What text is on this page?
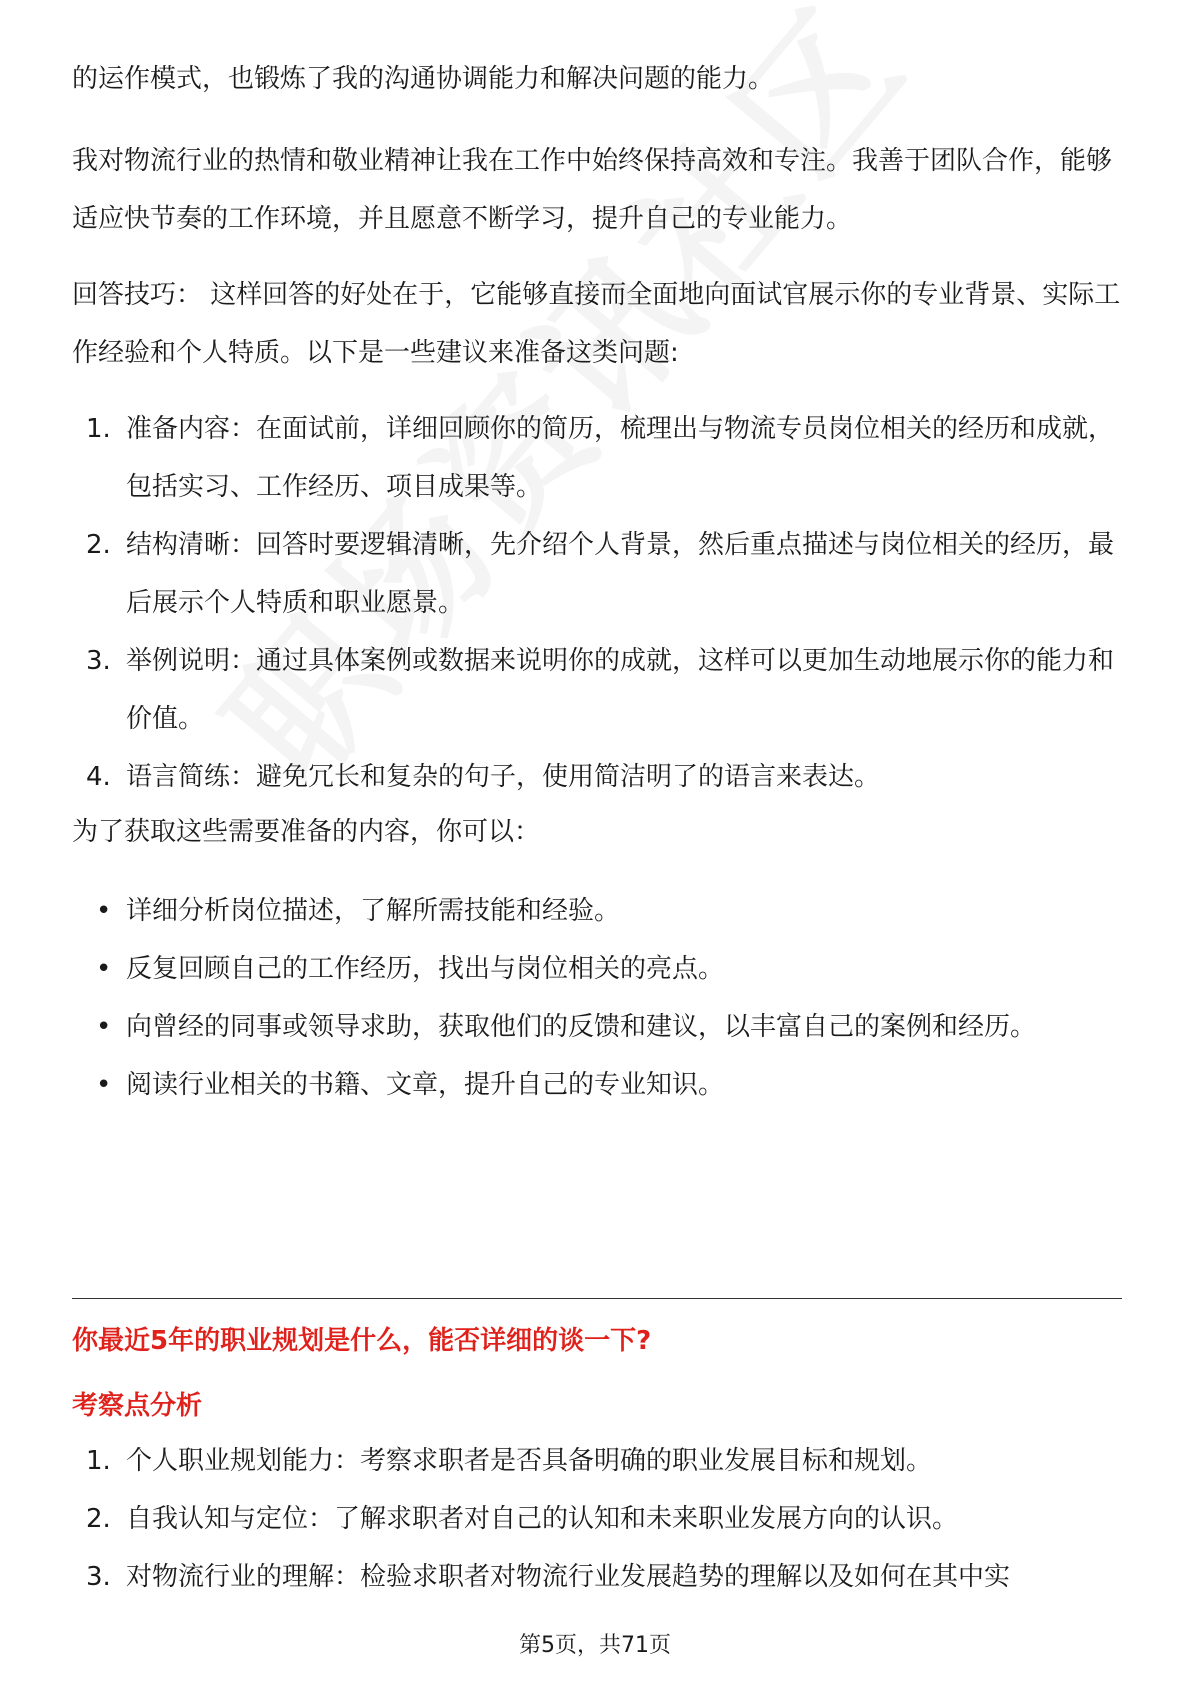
的运作模式，也锻炼了我的沟通协调能力和解决问题的能力。

我对物流行业的热情和敬业精神让我在工作中始终保持高效和专注。我善于团队合作，能够适应快节奏的工作环境，并且愿意不断学习，提升自己的专业能力。

回答技巧： 这样回答的好处在于，它能够直接而全面地向面试官展示你的专业背景、实际工作经验和个人特质。以下是一些建议来准备这类问题:

1. 准备内容：在面试前，详细回顾你的简历，梳理出与物流专员岗位相关的经历和成就，包括实习、工作经历、项目成果等。
2. 结构清晰：回答时要逻辑清晰，先介绍个人背景，然后重点描述与岗位相关的经历，最后展示个人特质和职业愿景。
3. 举例说明：通过具体案例或数据来说明你的成就，这样可以更加生动地展示你的能力和价值。
4. 语言简练：避免冗长和复杂的句子，使用简洁明了的语言来表达。

为了获取这些需要准备的内容，你可以：

• 详细分析岗位描述，了解所需技能和经验。
• 反复回顾自己的工作经历，找出与岗位相关的亮点。
• 向曾经的同事或领导求助，获取他们的反馈和建议，以丰富自己的案例和经历。
• 阅读行业相关的书籍、文章，提升自己的专业知识。
你最近5年的职业规划是什么，能否详细的谈一下?
考察点分析
1. 个人职业规划能力：考察求职者是否具备明确的职业发展目标和规划。
2. 自我认知与定位：了解求职者对自己的认知和未来职业发展方向的认识。
3. 对物流行业的理解：检验求职者对物流行业发展趋势的理解以及如何在其中实
第5页，共71页
